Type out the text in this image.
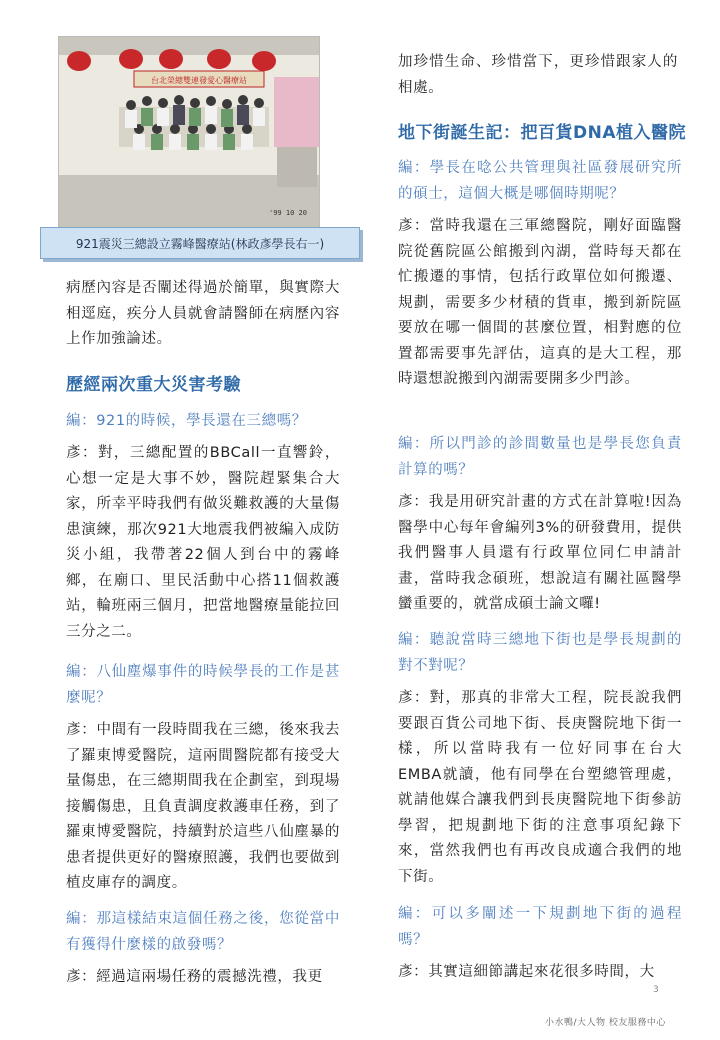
台北榮總雙連發愛心醫療站
'99 10 20
921震災三總設立霧峰醫療站(林政彥學長右一)

病歷內容是否闡述得過於簡單，與實際大相逕庭，疾分人員就會請醫師在病歷內容上作加強論述。

歷經兩次重大災害考驗

編：921的時候，學長還在三總嗎？

彥：對，三總配置的BBCall一直響鈴，心想一定是大事不妙，醫院趕緊集合大家，所幸平時我們有做災難救護的大量傷患演練，那次921大地震我們被編入成防災小組，我帶著22個人到台中的霧峰鄉，在廟口、里民活動中心搭11個救護站，輪班兩三個月，把當地醫療量能拉回三分之二。

編：八仙塵爆事件的時候學長的工作是甚麼呢？

彥：中間有一段時間我在三總，後來我去了羅東博愛醫院，這兩間醫院都有接受大量傷患，在三總期間我在企劃室，到現場接觸傷患，且負責調度救護車任務，到了羅東博愛醫院，持續對於這些八仙塵暴的患者提供更好的醫療照護，我們也要做到植皮庫存的調度。

編：那這樣結束這個任務之後，您從當中有獲得什麼樣的啟發嗎？

彥：經過這兩場任務的震撼洗禮，我更

加珍惜生命、珍惜當下，更珍惜跟家人的相處。

地下街誕生記：把百貨DNA植入醫院

編：學長在唸公共管理與社區發展研究所的碩士，這個大概是哪個時期呢？

彥：當時我還在三軍總醫院，剛好面臨醫院從舊院區公館搬到內湖，當時每天都在忙搬遷的事情，包括行政單位如何搬遷、規劃，需要多少材積的貨車，搬到新院區要放在哪一個間的甚麼位置，相對應的位置都需要事先評估，這真的是大工程，那時還想說搬到內湖需要開多少門診。

編：所以門診的診間數量也是學長您負責計算的嗎？

彥：我是用研究計畫的方式在計算啦!因為醫學中心每年會編列3%的研發費用，提供我們醫事人員還有行政單位同仁申請計畫，當時我念碩班，想說這有關社區醫學蠻重要的，就當成碩士論文囉!

編：聽說當時三總地下街也是學長規劃的對不對呢？

彥：對，那真的非常大工程，院長說我們要跟百貨公司地下街、長庚醫院地下街一樣，所以當時我有一位好同事在台大EMBA就讀，他有同學在台塑總管理處，就請他媒合讓我們到長庚醫院地下街參訪學習，把規劃地下街的注意事項紀錄下來，當然我們也有再改良成適合我們的地下街。

編：可以多闡述一下規劃地下街的過程嗎？

彥：其實這細節講起來花很多時間，大

3
小水鴨/大人物 校友服務中心
